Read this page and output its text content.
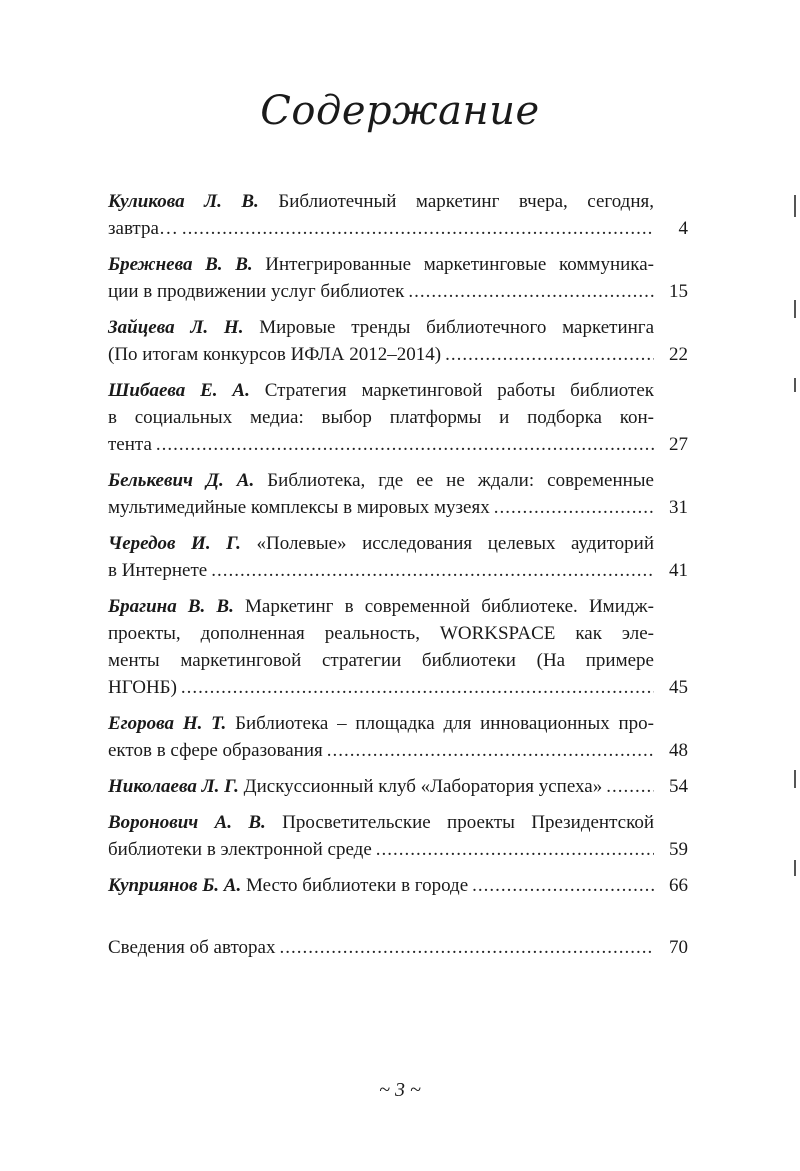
Содержание
Куликова Л. В. Библиотечный маркетинг вчера, сегодня,
завтра… .....	4
Брежнева В. В. Интегрированные маркетинговые коммуника-
ции в продвижении услуг библиотек .....	15
Зайцева Л. Н. Мировые тренды библиотечного маркетинга
(По итогам конкурсов ИФЛА 2012–2014) .....	22
Шибаева Е. А. Стратегия маркетинговой работы библиотек
в социальных медиа: выбор платформы и подборка кон-
тента .....	27
Белькевич Д. А. Библиотека, где ее не ждали: современные
мультимедийные комплексы в мировых музеях .....	31
Чередов И. Г. «Полевые» исследования целевых аудиторий
в Интернете .....	41
Брагина В. В. Маркетинг в современной библиотеке. Имидж-
проекты, дополненная реальность, WORKSPACE как эле-
менты маркетинговой стратегии библиотеки (На примере
НГОНБ) .....	45
Егорова Н. Т. Библиотека – площадка для инновационных про-
ектов в сфере образования .....	48
Николаева Л. Г. Дискуссионный клуб «Лаборатория успеха» .....	54
Воронович А. В. Просветительские проекты Президентской
библиотеки в электронной среде .....	59
Куприянов Б. А. Место библиотеки в городе .....	66
Сведения об авторах .....	70
~ 3 ~
